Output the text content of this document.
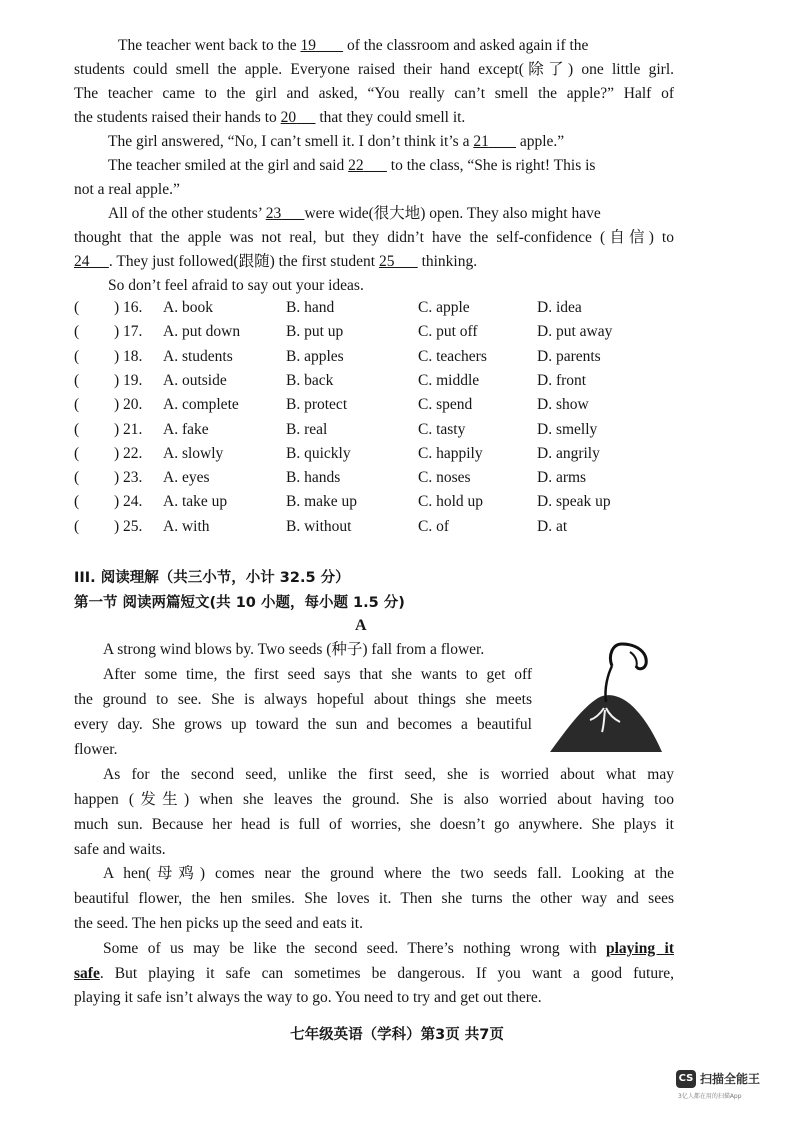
The teacher went back to the 19        of the classroom and asked again if the
students could smell the apple. Everyone raised their hand except(除了) one little girl.
The teacher came to the girl and asked, “You really can’t smell the apple?” Half of
the students raised their hands to 20      that they could smell it.
The girl answered, “No, I can’t smell it. I don’t think it’s a 21        apple.”
The teacher smiled at the girl and said 22       to the class, “She is right! This is
not a real apple.”
All of the other students’ 23 were wide(很大地) open. They also might have
thought that the apple was not real, but they didn’t have the self-confidence (自信) to
24 . They just followed(跟随) the first student 25       thinking.
So don’t feel afraid to say out your ideas.
( ) 16. A. book	B. hand	C. apple	D. idea
( ) 17. A. put down	B. put up	C. put off	D. put away
( ) 18. A. students	B. apples	C. teachers	D. parents
( ) 19. A. outside	B. back	C. middle	D. front
( ) 20. A. complete	B. protect	C. spend	D. show
( ) 21. A. fake	B. real	C. tasty	D. smelly
( ) 22. A. slowly	B. quickly	C. happily	D. angrily
( ) 23. A. eyes	B. hands	C. noses	D. arms
( ) 24. A. take up	B. make up	C. hold up	D. speak up
( ) 25. A. with	B. without	C. of	D. at
III. 阅读理解（共三小节，小计 32.5 分）
第一节 阅读两篇短文(共 10 小题，每小题 1.5 分)
A
A strong wind blows by. Two seeds (种子) fall from a flower.
After some time, the first seed says that she wants to get off
the ground to see. She is always hopeful about things she meets
every day. She grows up toward the sun and becomes a beautiful
flower.
As for the second seed, unlike the first seed, she is worried about what may
happen (发生) when she leaves the ground. She is also worried about having too
much sun. Because her head is full of worries, she doesn’t go anywhere. She plays it
safe and waits.
A hen(母鸡) comes near the ground where the two seeds fall. Looking at the
beautiful flower, the hen smiles. She loves it. Then she turns the other way and sees
the seed. The hen picks up the seed and eats it.
Some of us may be like the second seed. There’s nothing wrong with playing it
safe. But playing it safe can sometimes be dangerous. If you want a good future,
playing it safe isn’t always the way to go. You need to try and get out there.
七年级英语（学科）第3页 共7页
CS 扫描全能王
3亿人都在用的扫描App
